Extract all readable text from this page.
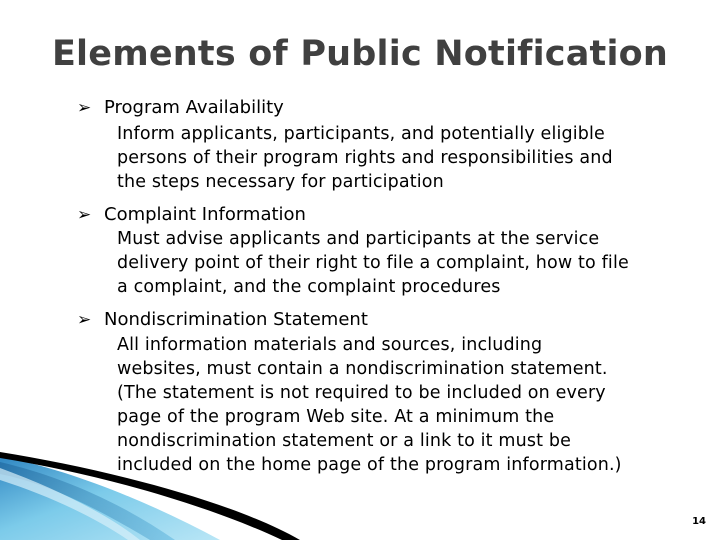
Elements of Public Notification
➢ Program Availability
Inform applicants, participants, and potentially eligible
persons of their program rights and responsibilities and
the steps necessary for participation
➢ Complaint Information
Must advise applicants and participants at the service
delivery point of their right to file a complaint, how to file
a complaint, and the complaint procedures
➢ Nondiscrimination Statement
All information materials and sources, including
websites, must contain a nondiscrimination statement.
(The statement is not required to be included on every
page of the program Web site. At a minimum the
nondiscrimination statement or a link to it must be
included on the home page of the program information.)
14
